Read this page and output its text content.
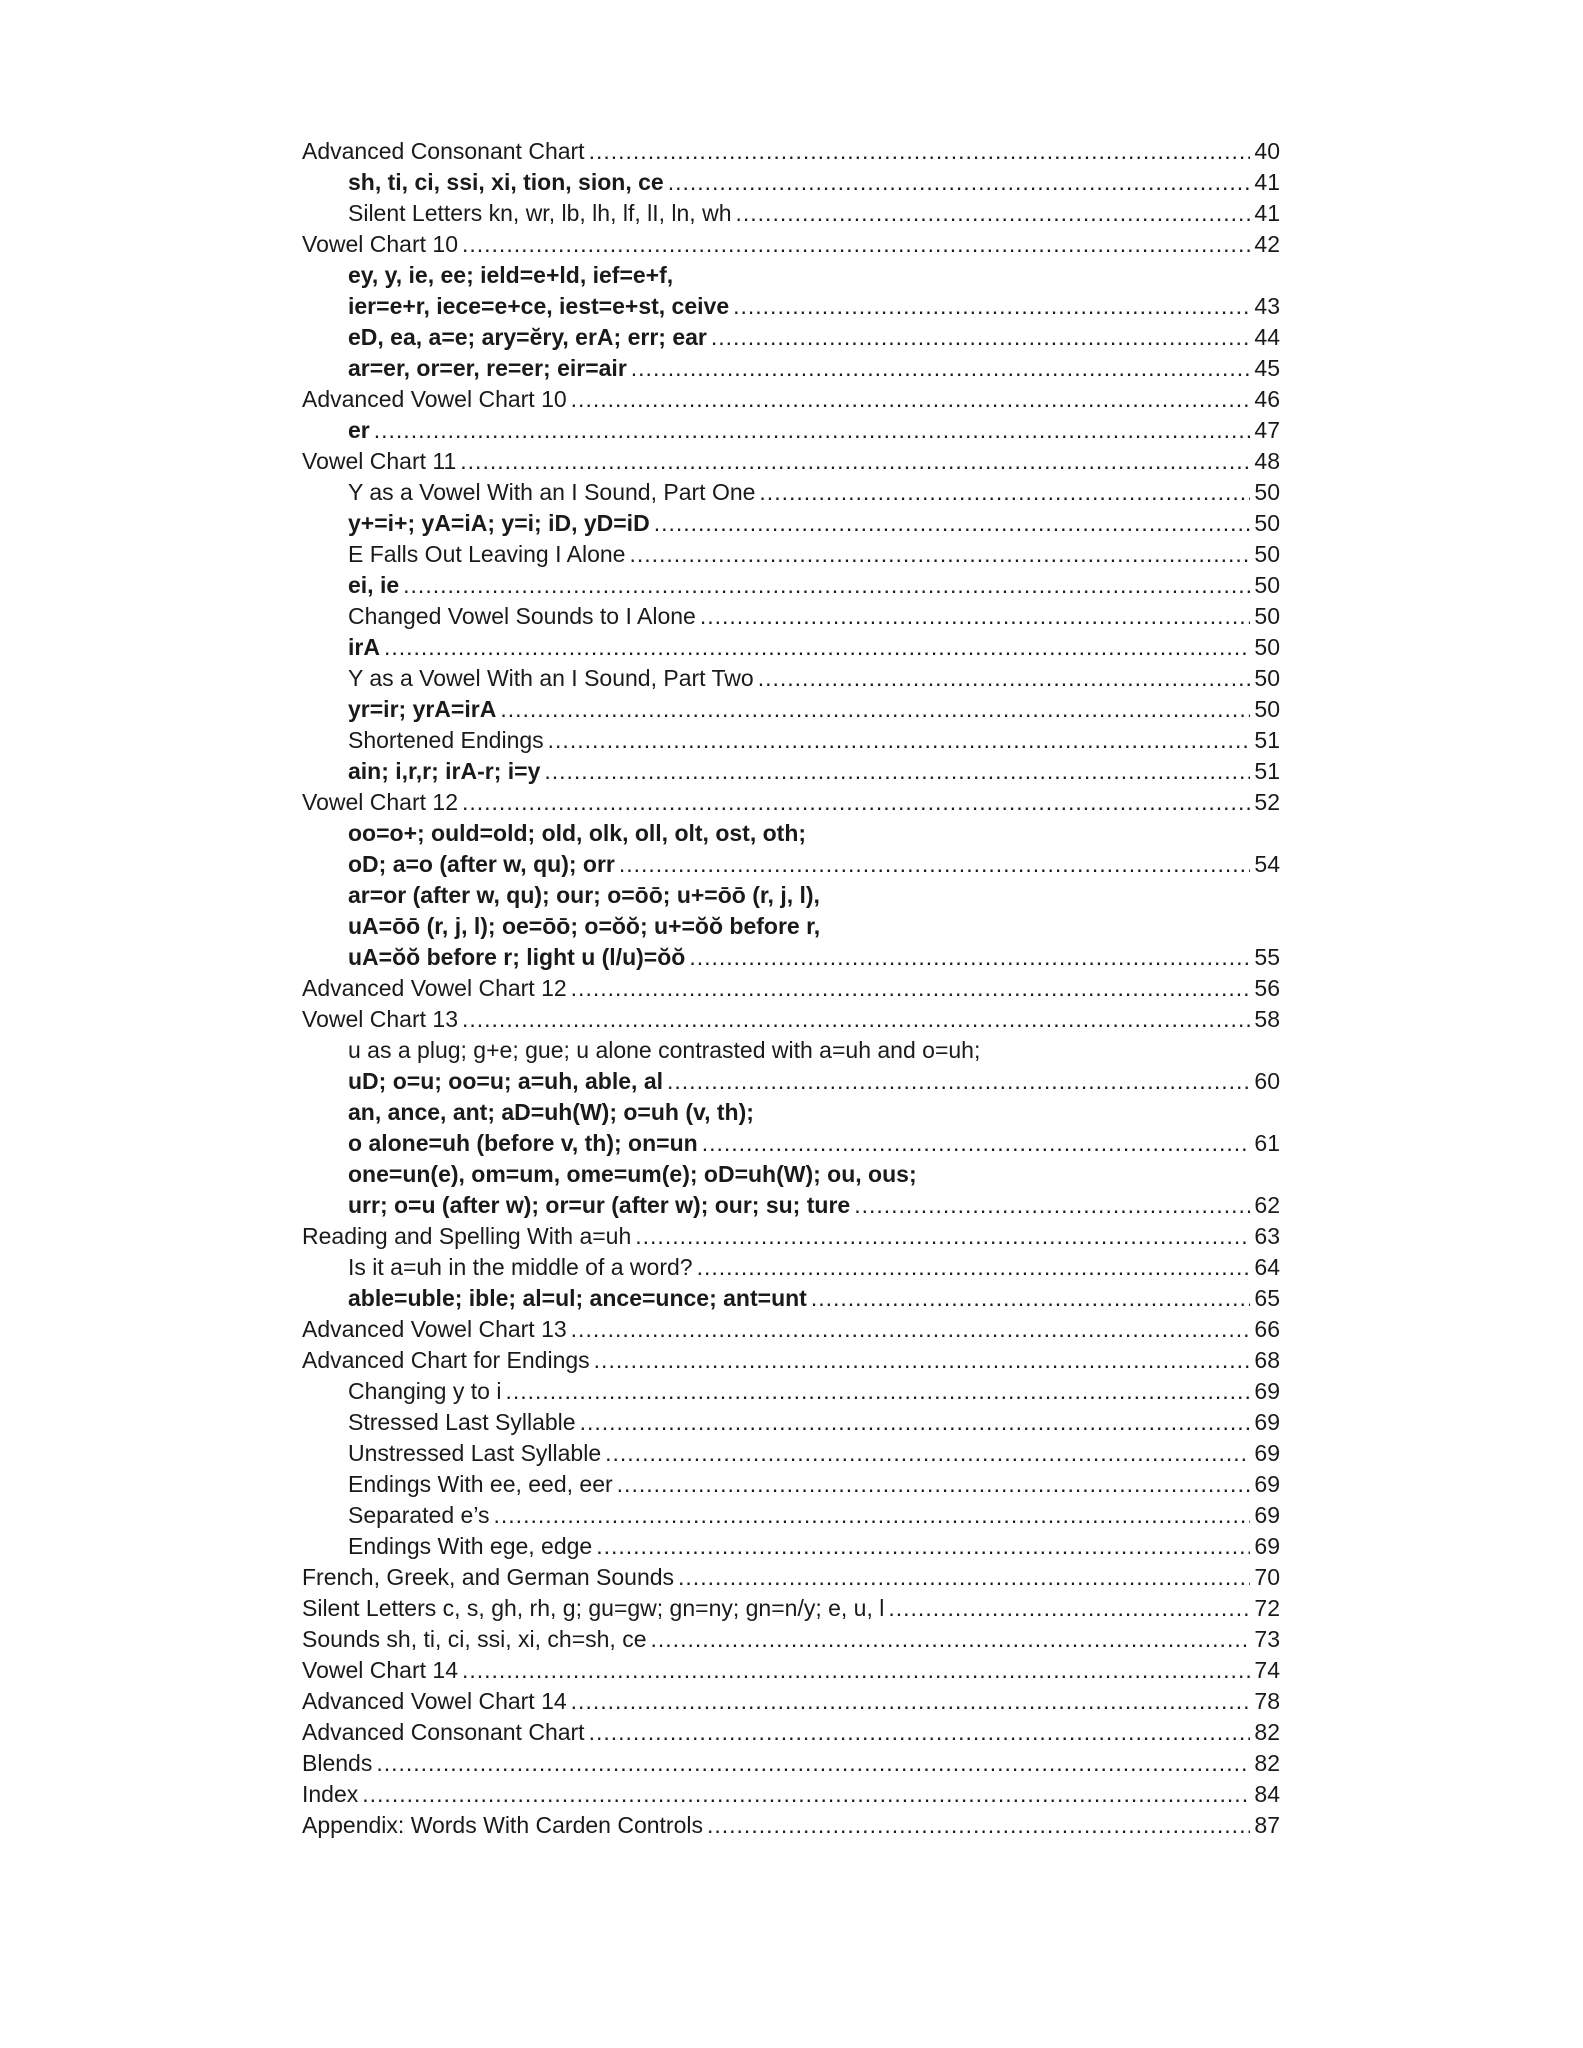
Advanced Consonant Chart .....	40
sh, ti, ci, ssi, xi, tion, sion, ce .....	41
Silent Letters kn, wr, lb, lh, lf, lI, ln, wh .....	41
Vowel Chart 10 .....	42
ey, y, ie, ee; ield=e+ld, ief=e+f,
ier=e+r, iece=e+ce, iest=e+st, ceive .....	43
eD, ea, a=e; ary=ĕry, erA; err; ear .....	44
ar=er, or=er, re=er; eir=air .....	45
Advanced Vowel Chart 10 .....	46
er .....	47
Vowel Chart 11 .....	48
Y as a Vowel With an I Sound, Part One .....	50
y+=i+; yA=iA; y=i; iD, yD=iD .....	50
E Falls Out Leaving I Alone .....	50
ei, ie .....	50
Changed Vowel Sounds to I Alone .....	50
irA .....	50
Y as a Vowel With an I Sound, Part Two .....	50
yr=ir; yrA=irA .....	50
Shortened Endings .....	51
ain; i,r,r; irA-r; i=y .....	51
Vowel Chart 12 .....	52
oo=o+; ould=old; old, olk, oll, olt, ost, oth;
oD; a=o (after w, qu); orr .....	54
ar=or (after w, qu); our; o=ōō; u+=ōō (r, j, l),
uA=ōō (r, j, l); oe=ōō; o=ŏŏ; u+=ŏŏ before r,
uA=ŏŏ before r; light u (l/u)=ŏŏ .....	55
Advanced Vowel Chart 12 .....	56
Vowel Chart 13 .....	58
u as a plug; g+e; gue; u alone contrasted with a=uh and o=uh;
uD; o=u; oo=u; a=uh, able, al .....	60
an, ance, ant; aD=uh(W); o=uh (v, th);
o alone=uh (before v, th); on=un .....	61
one=un(e), om=um, ome=um(e); oD=uh(W); ou, ous;
urr; o=u (after w); or=ur (after w); our; su; ture .....	62
Reading and Spelling With a=uh .....	63
Is it a=uh in the middle of a word? .....	64
able=uble; ible; al=ul; ance=unce; ant=unt .....	65
Advanced Vowel Chart 13 .....	66
Advanced Chart for Endings .....	68
Changing y to i .....	69
Stressed Last Syllable .....	69
Unstressed Last Syllable .....	69
Endings With ee, eed, eer .....	69
Separated e’s .....	69
Endings With ege, edge .....	69
French, Greek, and German Sounds .....	70
Silent Letters c, s, gh, rh, g; gu=gw; gn=ny; gn=n/y; e, u, l .....	72
Sounds sh, ti, ci, ssi, xi, ch=sh, ce .....	73
Vowel Chart 14 .....	74
Advanced Vowel Chart 14 .....	78
Advanced Consonant Chart .....	82
Blends .....	82
Index .....	84
Appendix: Words With Carden Controls .....	87
